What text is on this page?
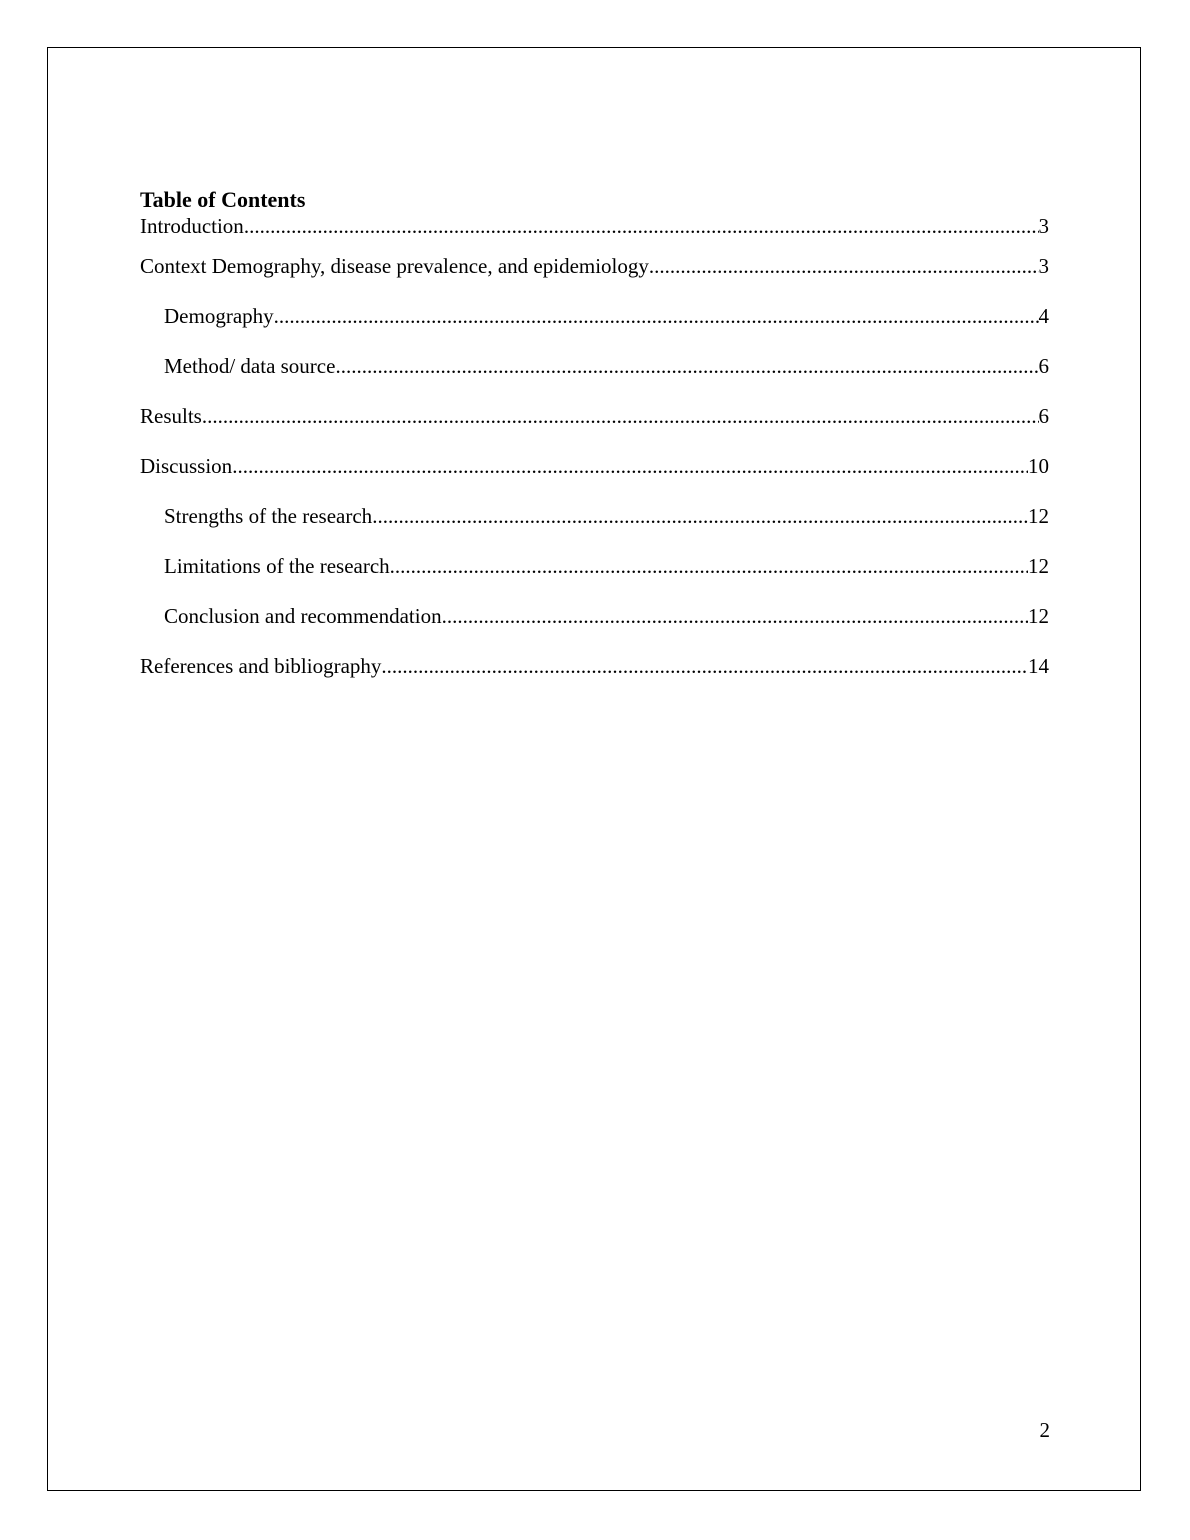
Table of Contents
Introduction .....	3
Context Demography, disease prevalence, and epidemiology .....	3
Demography .....	4
Method/ data source .....	6
Results .....	6
Discussion .....	10
Strengths of the research .....	12
Limitations of the research .....	12
Conclusion and recommendation .....	12
References and bibliography .....	14
2
